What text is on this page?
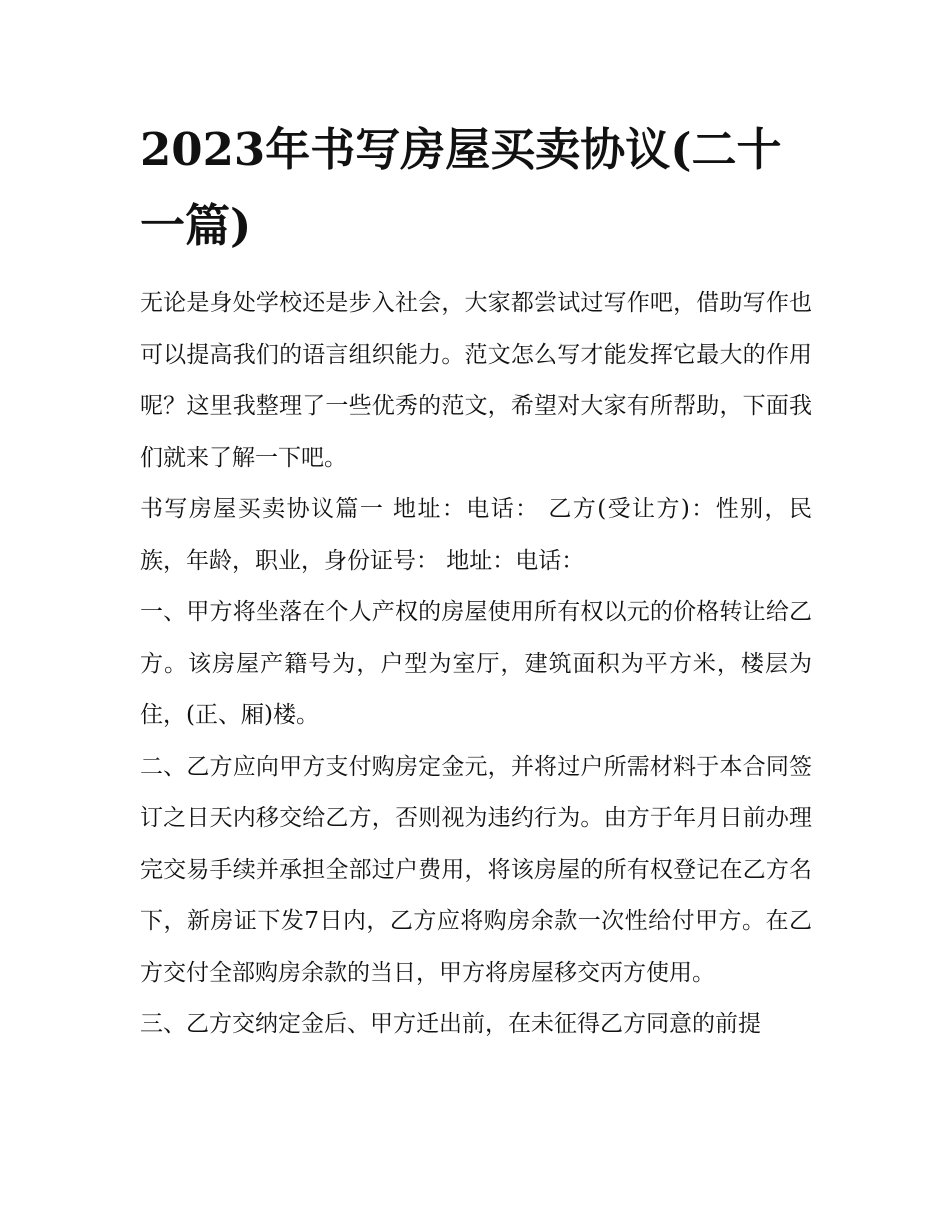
2023年书写房屋买卖协议(二十一篇)

无论是身处学校还是步入社会，大家都尝试过写作吧，借助写作也可以提高我们的语言组织能力。范文怎么写才能发挥它最大的作用呢？这里我整理了一些优秀的范文，希望对大家有所帮助，下面我们就来了解一下吧。

书写房屋买卖协议篇一 地址：电话： 乙方(受让方)：性别，民族，年龄，职业，身份证号： 地址：电话：

一、甲方将坐落在个人产权的房屋使用所有权以元的价格转让给乙方。该房屋产籍号为，户型为室厅，建筑面积为平方米，楼层为住，(正、厢)楼。

二、乙方应向甲方支付购房定金元，并将过户所需材料于本合同签订之日天内移交给乙方，否则视为违约行为。由方于年月日前办理完交易手续并承担全部过户费用，将该房屋的所有权登记在乙方名下，新房证下发7日内，乙方应将购房余款一次性给付甲方。在乙方交付全部购房余款的当日，甲方将房屋移交丙方使用。

三、乙方交纳定金后、甲方迁出前，在未征得乙方同意的前提
